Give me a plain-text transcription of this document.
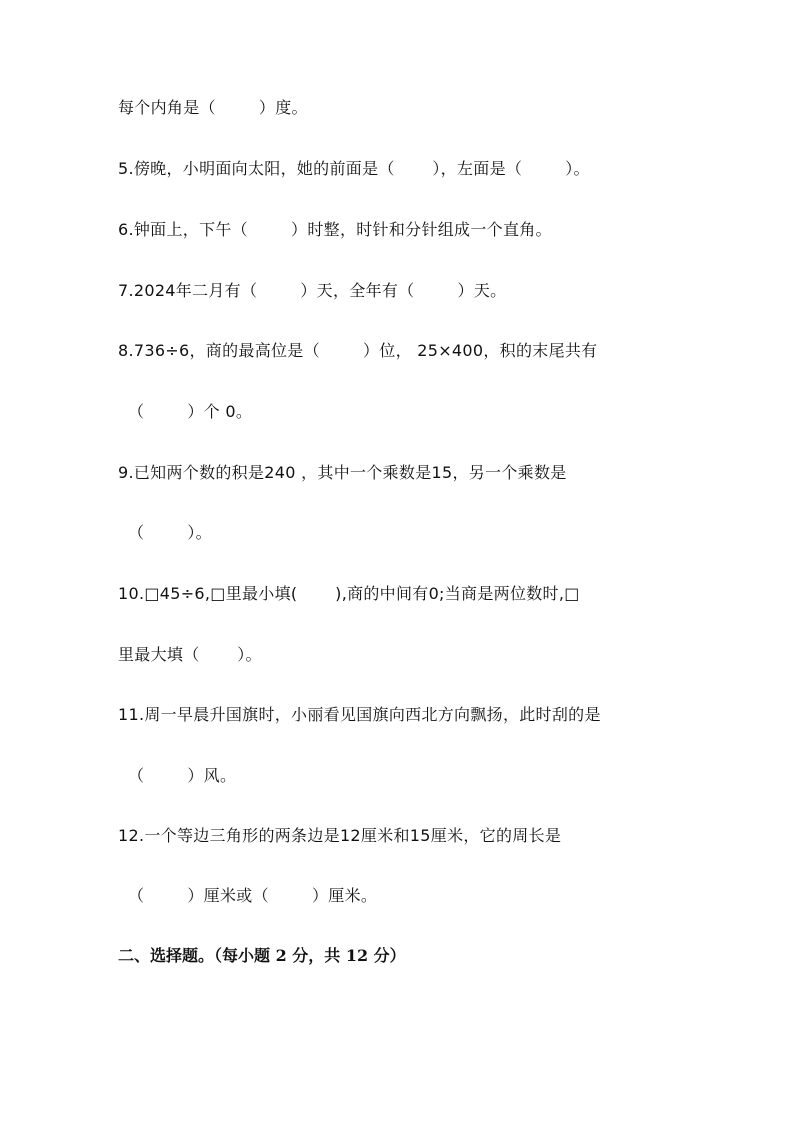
每个内角是（        ）度。
5.傍晚，小明面向太阳，她的前面是（       ），左面是（        ）。
6.钟面上，下午（        ）时整，时针和分针组成一个直角。
7.2024年二月有（        ）天，全年有（        ）天。
8.736÷6，商的最高位是（        ）位， 25×400，积的末尾共有
（        ）个 0。
9.已知两个数的积是240 ，其中一个乘数是15，另一个乘数是
（        ）。
10.□45÷6,□里最小填(       ),商的中间有0;当商是两位数时,□
里最大填（       ）。
11.周一早晨升国旗时，小丽看见国旗向西北方向飘扬，此时刮的是
（        ）风。
12.一个等边三角形的两条边是12厘米和15厘米，它的周长是
（        ）厘米或（        ）厘米。
二、选择题。（每小题 2 分，共 12 分）
